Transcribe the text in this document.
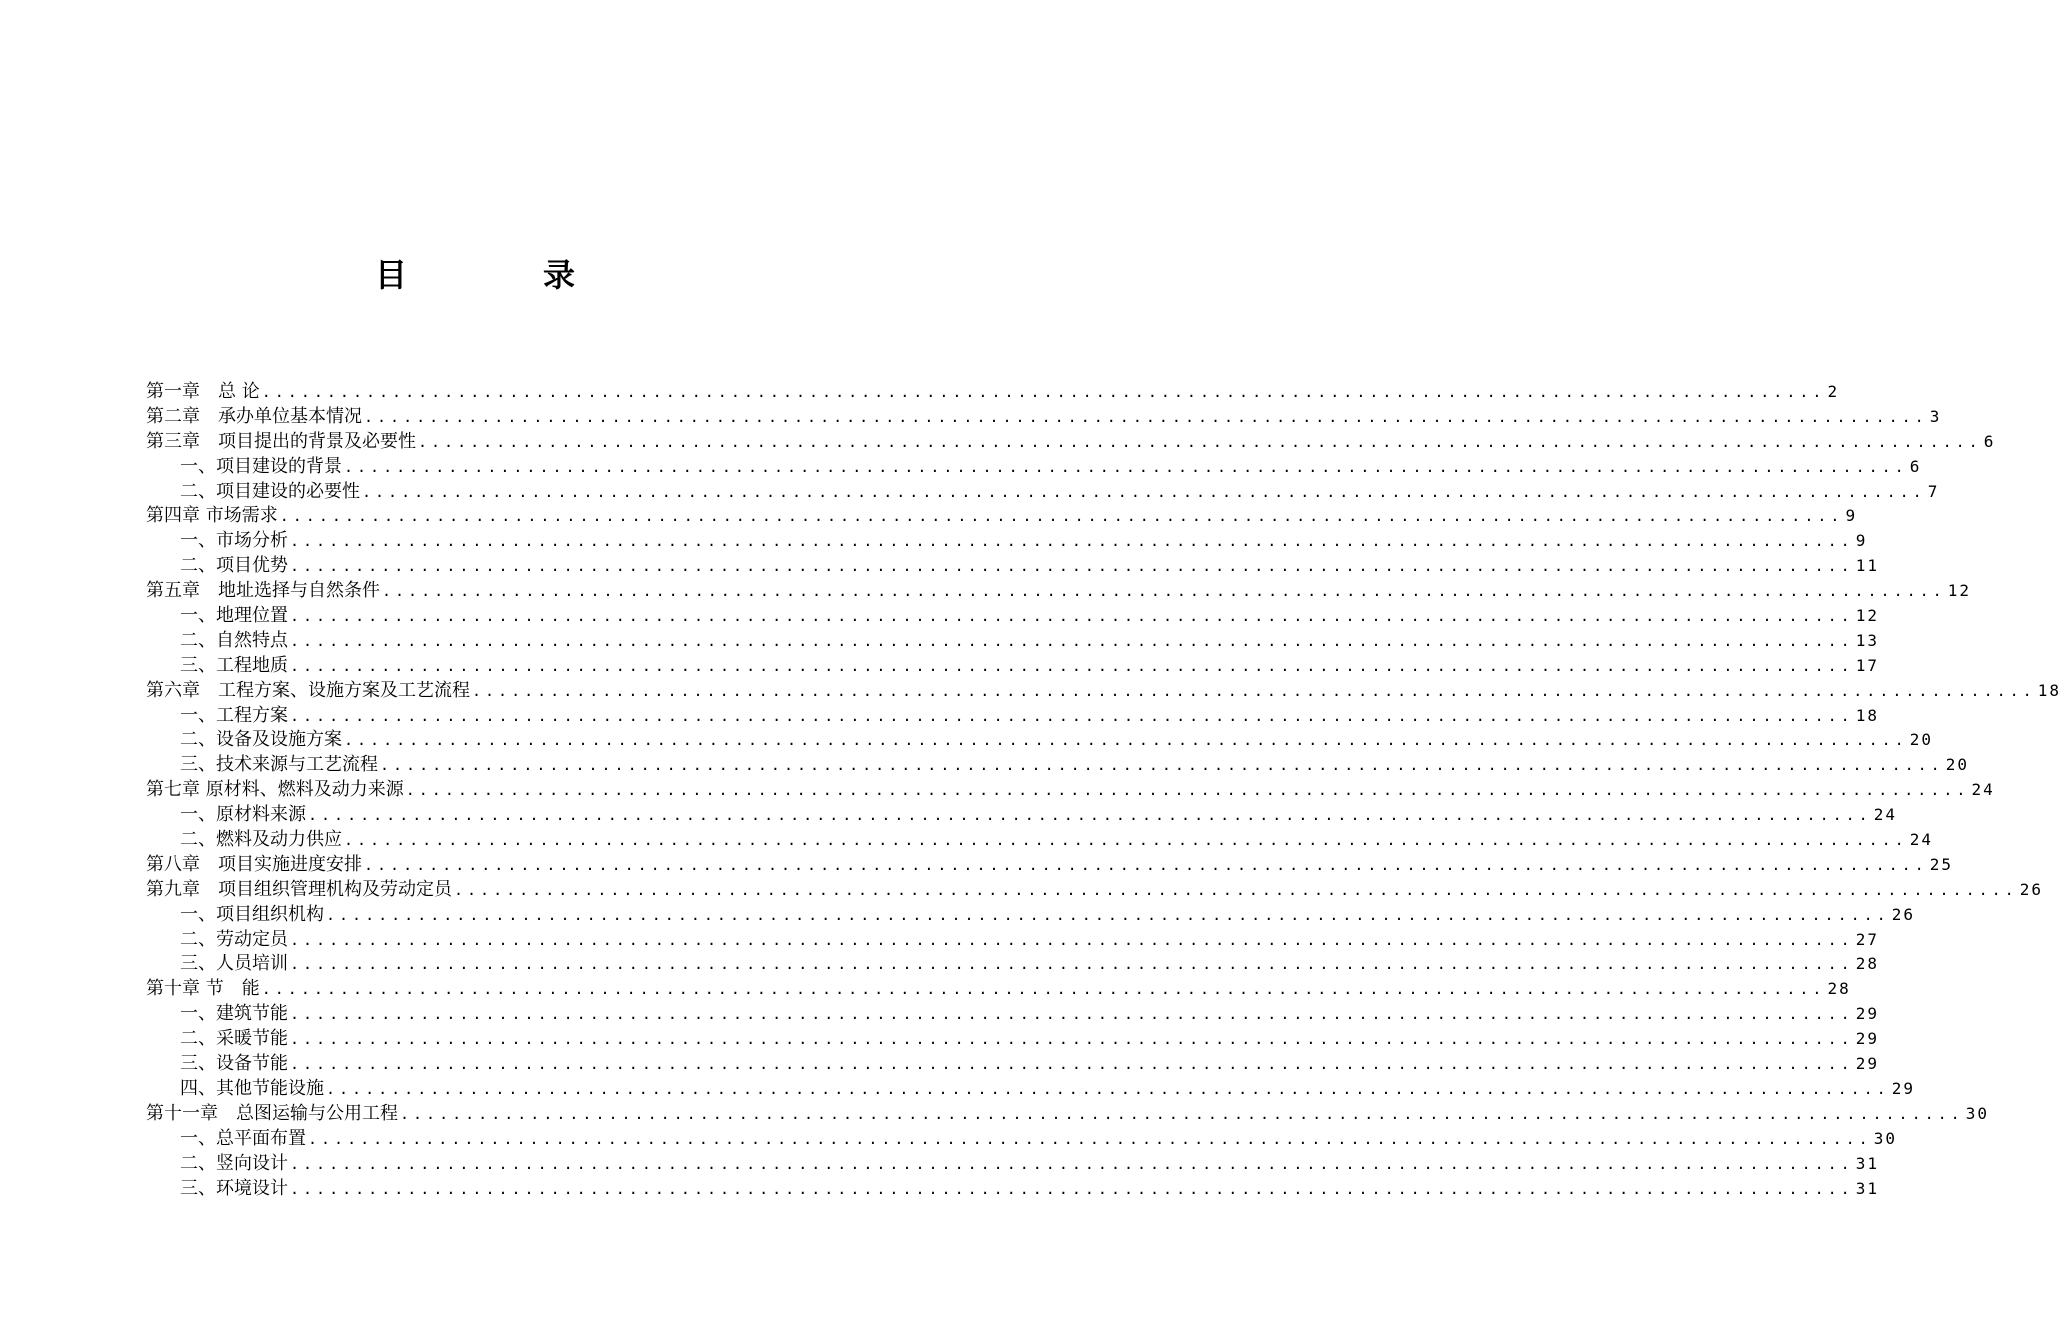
目　录
第一章　总 论 ........................................................................................................................ 2
第二章　承办单位基本情况 ........................................................................................................................ 3
第三章　项目提出的背景及必要性 ........................................................................................................................ 6
一、项目建设的背景 ........................................................................................................................ 6
二、项目建设的必要性 ........................................................................................................................ 7
第四章 市场需求 ........................................................................................................................ 9
一、市场分析 ........................................................................................................................ 9
二、项目优势 ........................................................................................................................ 11
第五章　地址选择与自然条件 ........................................................................................................................ 12
一、地理位置 ........................................................................................................................ 12
二、自然特点 ........................................................................................................................ 13
三、工程地质 ........................................................................................................................ 17
第六章　工程方案、设施方案及工艺流程 ........................................................................................................................ 18
一、工程方案 ........................................................................................................................ 18
二、设备及设施方案 ........................................................................................................................ 20
三、技术来源与工艺流程 ........................................................................................................................ 20
第七章 原材料、燃料及动力来源 ........................................................................................................................ 24
一、原材料来源 ........................................................................................................................ 24
二、燃料及动力供应 ........................................................................................................................ 24
第八章　项目实施进度安排 ........................................................................................................................ 25
第九章　项目组织管理机构及劳动定员 ........................................................................................................................ 26
一、项目组织机构 ........................................................................................................................ 26
二、劳动定员 ........................................................................................................................ 27
三、人员培训 ........................................................................................................................ 28
第十章 节　能 ........................................................................................................................ 28
一、建筑节能 ........................................................................................................................ 29
二、采暖节能 ........................................................................................................................ 29
三、设备节能 ........................................................................................................................ 29
四、其他节能设施 ........................................................................................................................ 29
第十一章　总图运输与公用工程 ........................................................................................................................ 30
一、总平面布置 ........................................................................................................................ 30
二、竖向设计 ........................................................................................................................ 31
三、环境设计 ........................................................................................................................ 31
